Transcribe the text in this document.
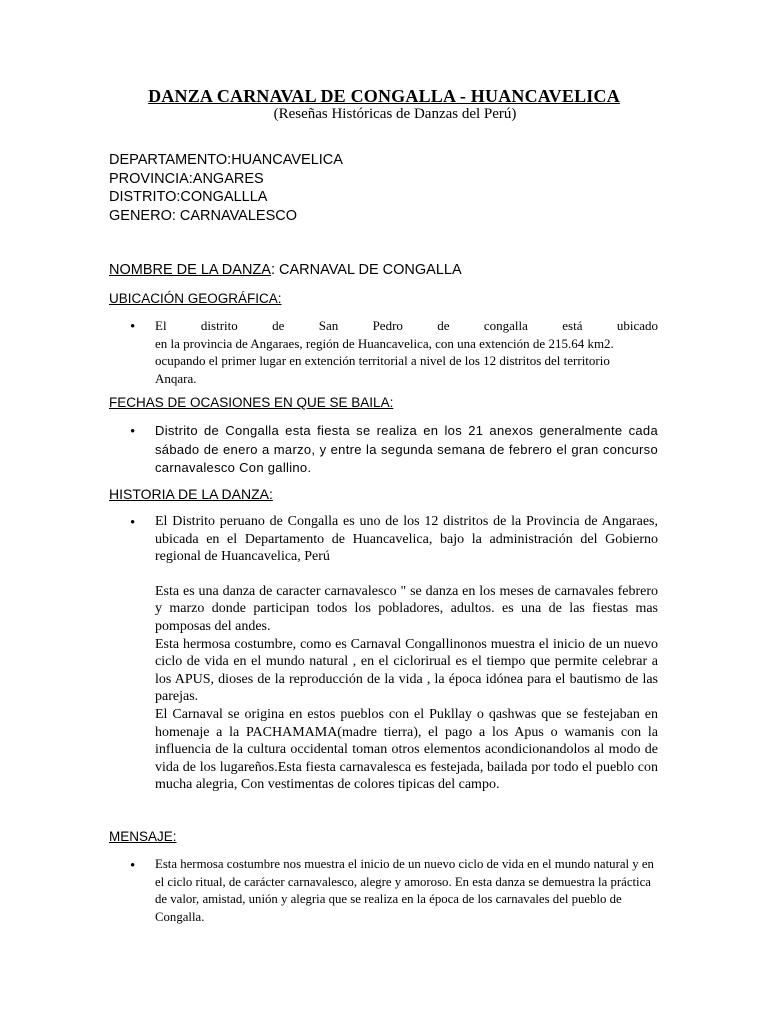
DANZA CARNAVAL DE CONGALLA - HUANCAVELICA
(Reseñas Históricas de Danzas del Perú)
DEPARTAMENTO:HUANCAVELICA
PROVINCIA:ANGARES
DISTRITO:CONGALLLA
GENERO: CARNAVALESCO
NOMBRE DE LA DANZA: CARNAVAL DE CONGALLA
UBICACIÓN GEOGRÁFICA:
• El distrito de San Pedro de congalla está ubicado
en la provincia de Angaraes, región de Huancavelica, con una extención de 215.64 km2.
ocupando el primer lugar en extención territorial a nivel de los 12 distritos del territorio
Anqara.
FECHAS DE OCASIONES EN QUE SE BAILA:
• Distrito de Congalla esta fiesta se realiza en los 21 anexos generalmente cada sábado de enero a marzo, y entre la segunda semana de febrero el gran concurso carnavalesco Con gallino.
HISTORIA DE LA DANZA:
• El Distrito peruano de Congalla es uno de los 12 distritos de la Provincia de Angaraes, ubicada en el Departamento de Huancavelica, bajo la administración del Gobierno regional de Huancavelica, Perú

Esta es una danza de caracter carnavalesco " se danza en los meses de carnavales febrero y marzo donde participan todos los pobladores, adultos. es una de las fiestas mas pomposas del andes.

Esta hermosa costumbre, como es Carnaval Congallinonos muestra el inicio de un nuevo ciclo de vida en el mundo natural , en el ciclorirual es el tiempo que permite celebrar a los APUS, dioses de la reproducción de la vida , la época idónea para el bautismo de las parejas.

El Carnaval se origina en estos pueblos con el Pukllay o qashwas que se festejaban en homenaje a la PACHAMAMA(madre tierra), el pago a los Apus o wamanis con la influencia de la cultura occidental toman otros elementos acondicionandolos al modo de vida de los lugareños.Esta fiesta carnavalesca es festejada, bailada por todo el pueblo con mucha alegria, Con vestimentas de colores tipicas del campo.

MENSAJE:
• Esta hermosa costumbre nos muestra el inicio de un nuevo ciclo de vida en el mundo natural y en el ciclo ritual, de carácter carnavalesco, alegre y amoroso. En esta danza se demuestra la práctica de valor, amistad, unión y alegria que se realiza en la época de los carnavales del pueblo de Congalla.
